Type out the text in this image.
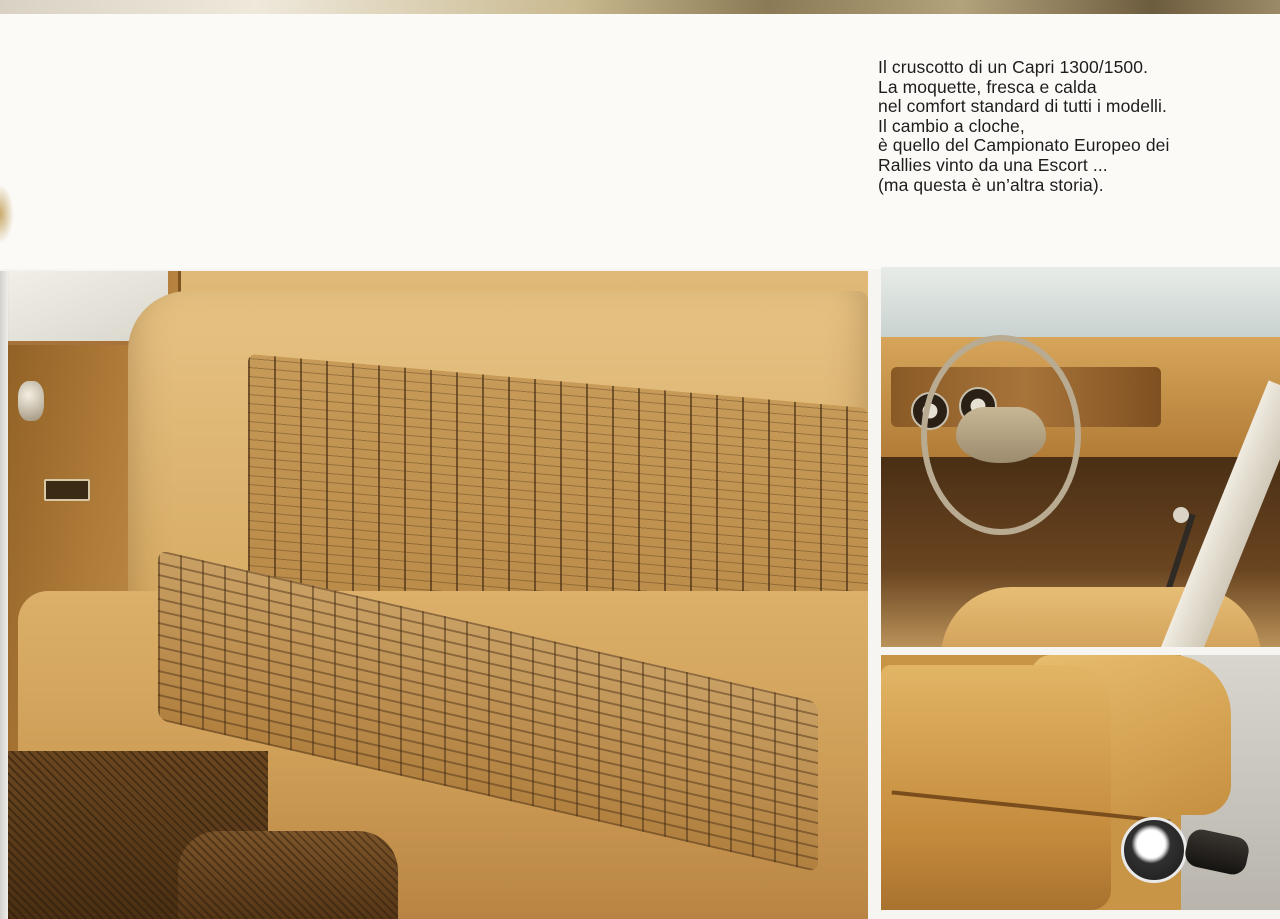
Il cruscotto di un Capri 1300/1500.
La moquette, fresca e calda
nel comfort standard di tutti i modelli.
Il cambio a cloche,
è quello del Campionato Europeo dei
Rallies vinto da una Escort ...
(ma questa è un’altra storia).
